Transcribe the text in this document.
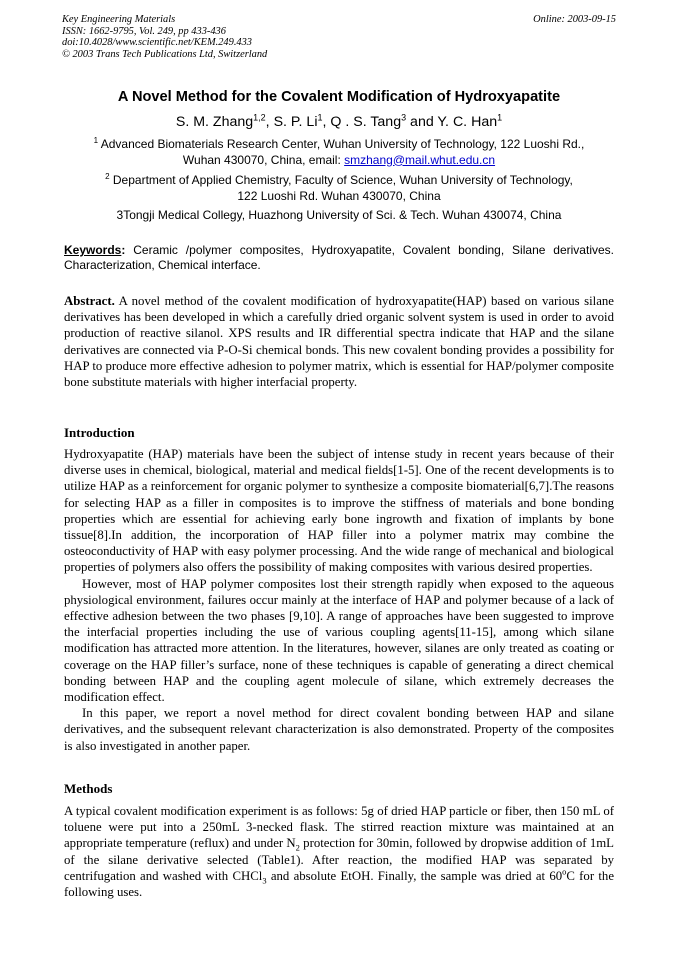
Key Engineering Materials
ISSN: 1662-9795, Vol. 249, pp 433-436
doi:10.4028/www.scientific.net/KEM.249.433
© 2003 Trans Tech Publications Ltd, Switzerland
Online: 2003-09-15
A Novel Method for the Covalent Modification of Hydroxyapatite
S. M. Zhang$^{1,2}$, S. P. Li$^1$, Q . S. Tang$^3$ and Y. C. Han$^1$
$^1$ Advanced Biomaterials Research Center, Wuhan University of Technology, 122 Luoshi Rd.,
Wuhan 430070, China, email: smzhang@mail.whut.edu.cn
$^2$ Department of Applied Chemistry, Faculty of Science, Wuhan University of Technology,
122 Luoshi Rd. Wuhan 430070, China
3Tongji Medical Collegy, Huazhong University of Sci. & Tech. Wuhan 430074, China
Keywords: Ceramic /polymer composites, Hydroxyapatite, Covalent bonding, Silane derivatives. Characterization, Chemical interface.
Abstract. A novel method of the covalent modification of hydroxyapatite(HAP) based on various silane derivatives has been developed in which a carefully dried organic solvent system is used in order to avoid production of reactive silanol. XPS results and IR differential spectra indicate that HAP and the silane derivatives are connected via P-O-Si chemical bonds. This new covalent bonding provides a possibility for HAP to produce more effective adhesion to polymer matrix, which is essential for HAP/polymer composite bone substitute materials with higher interfacial property.
Introduction

Hydroxyapatite (HAP) materials have been the subject of intense study in recent years because of their diverse uses in chemical, biological, material and medical fields[1-5]. One of the recent developments is to utilize HAP as a reinforcement for organic polymer to synthesize a composite biomaterial[6,7].The reasons for selecting HAP as a filler in composites is to improve the stiffness of materials and bone bonding properties which are essential for achieving early bone ingrowth and fixation of implants by bone tissue[8].In addition, the incorporation of HAP filler into a polymer matrix may combine the osteoconductivity of HAP with easy polymer processing. And the wide range of mechanical and biological properties of polymers also offers the possibility of making composites with various desired properties.

However, most of HAP polymer composites lost their strength rapidly when exposed to the aqueous physiological environment, failures occur mainly at the interface of HAP and polymer because of a lack of effective adhesion between the two phases [9,10]. A range of approaches have been suggested to improve the interfacial properties including the use of various coupling agents[11-15], among which silane modification has attracted more attention. In the literatures, however, silanes are only treated as coating or coverage on the HAP filler’s surface, none of these techniques is capable of generating a direct chemical bonding between HAP and the coupling agent molecule of silane, which extremely decreases the modification effect.

In this paper, we report a novel method for direct covalent bonding between HAP and silane derivatives, and the subsequent relevant characterization is also demonstrated. Property of the composites is also investigated in another paper.

Methods

A typical covalent modification experiment is as follows: 5g of dried HAP particle or fiber, then 150 mL of toluene were put into a 250mL 3-necked flask. The stirred reaction mixture was maintained at an appropriate temperature (reflux) and under $N_2$ protection for 30min, followed by dropwise addition of 1mL of the silane derivative selected (Table1). After reaction, the modified HAP was separated by centrifugation and washed with CHCl$_3$ and absolute EtOH. Finally, the sample was dried at 60$^o$C for the following uses.
